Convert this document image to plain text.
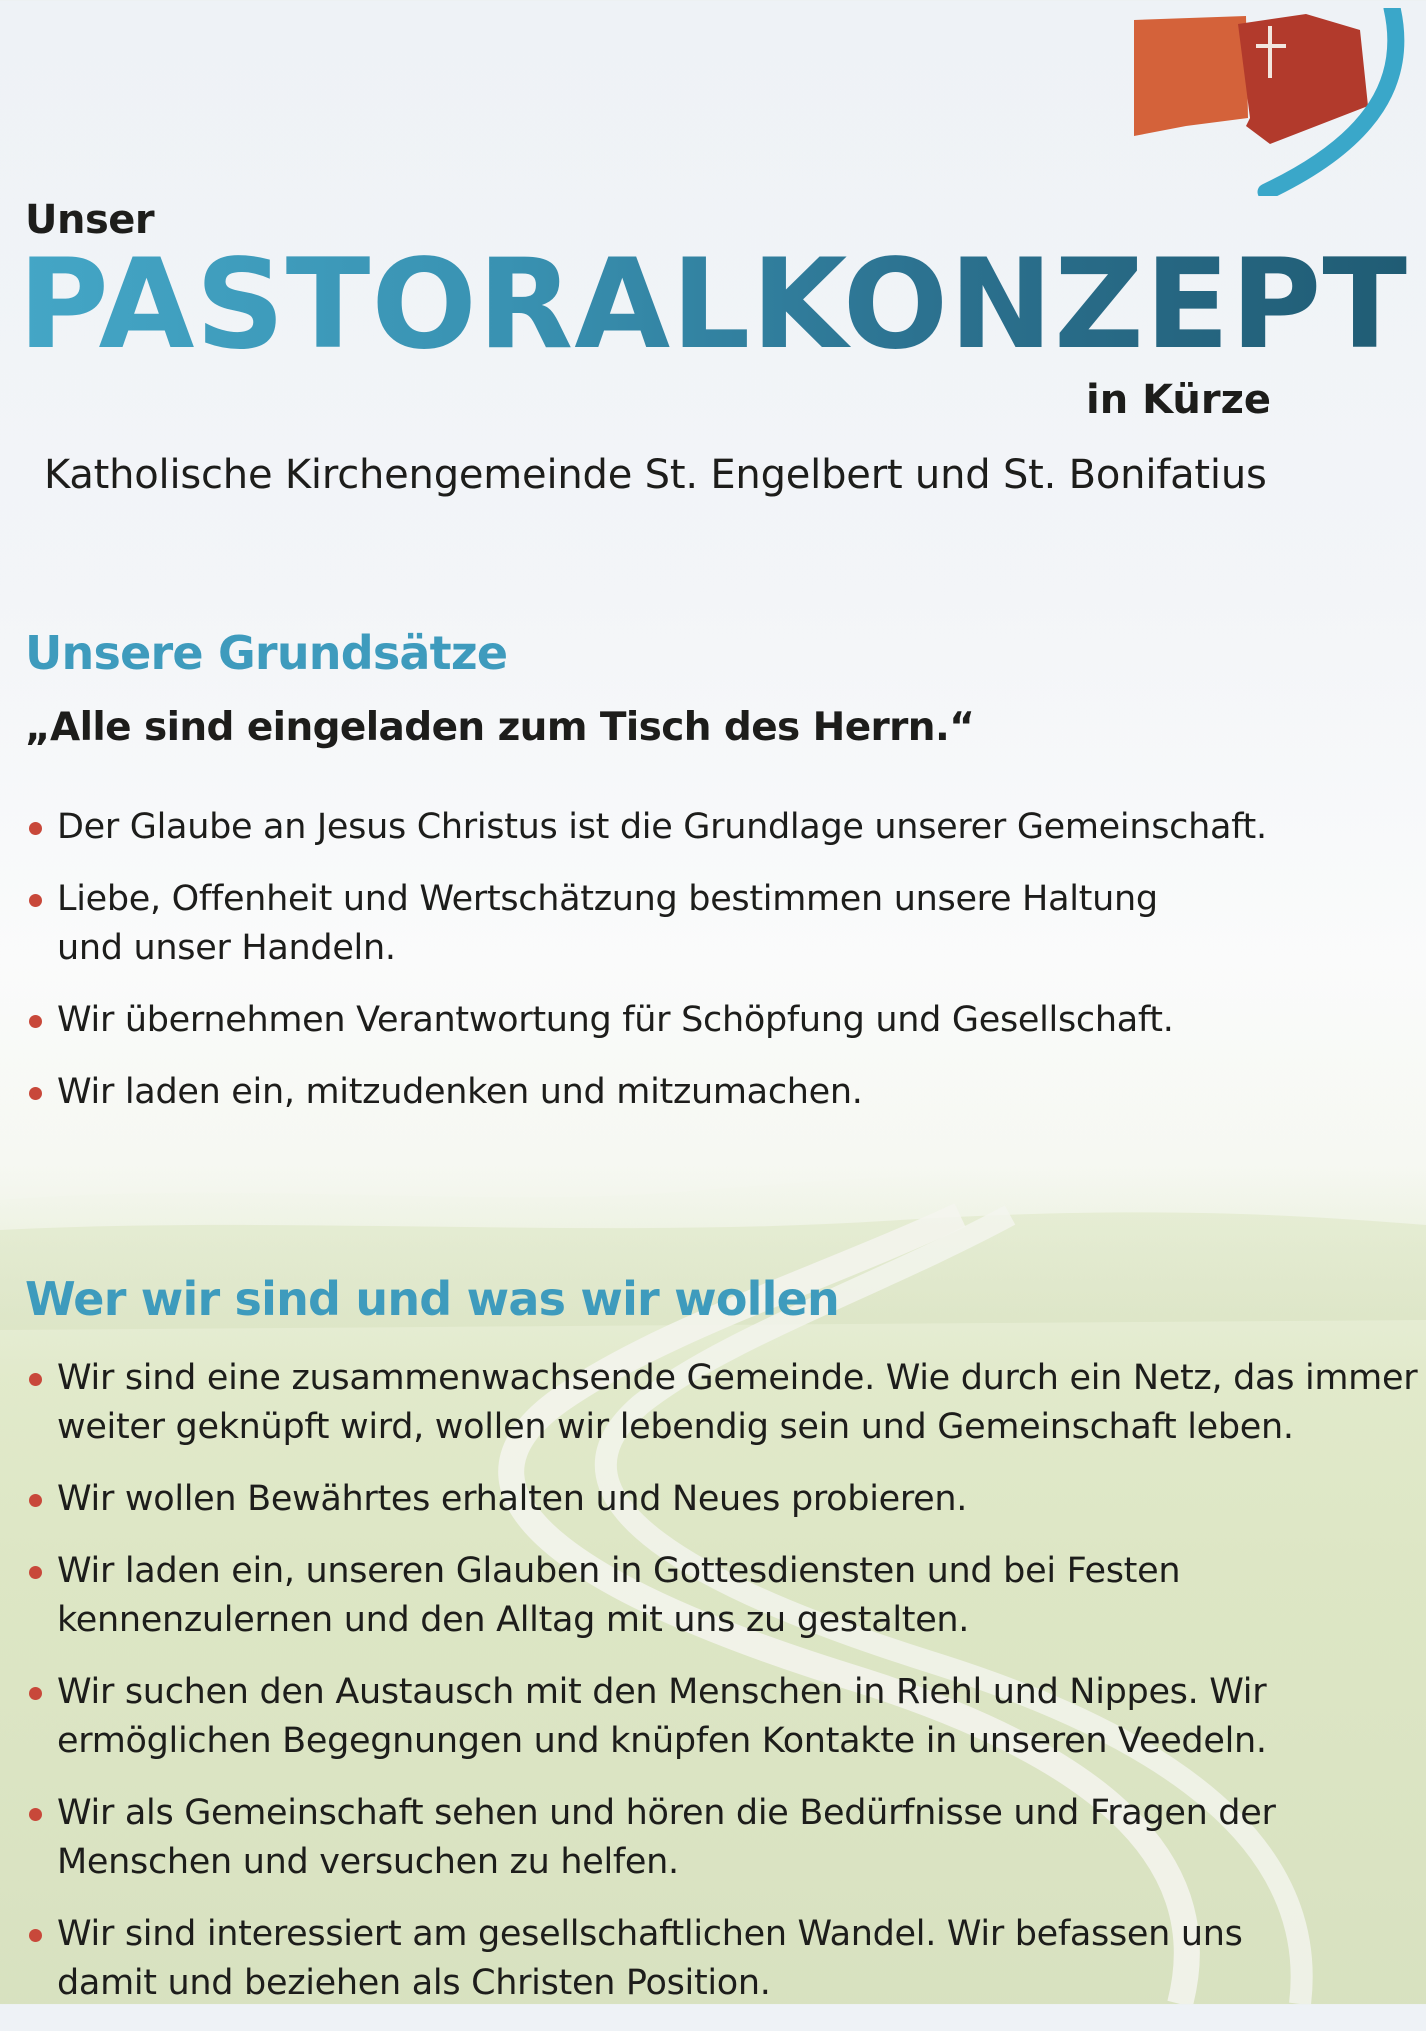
Unser
PASTORALKONZEPT
in Kürze
Katholische Kirchengemeinde St. Engelbert und St. Bonifatius
Unsere Grundsätze
„Alle sind eingeladen zum Tisch des Herrn.“
Der Glaube an Jesus Christus ist die Grundlage unserer Gemeinschaft.
Liebe, Offenheit und Wertschätzung bestimmen unsere Haltung
und unser Handeln.
Wir übernehmen Verantwortung für Schöpfung und Gesellschaft.
Wir laden ein, mitzudenken und mitzumachen.
Wer wir sind und was wir wollen
Wir sind eine zusammenwachsende Gemeinde. Wie durch ein Netz, das immer
weiter geknüpft wird, wollen wir lebendig sein und Gemeinschaft leben.
Wir wollen Bewährtes erhalten und Neues probieren.
Wir laden ein, unseren Glauben in Gottesdiensten und bei Festen
kennenzulernen und den Alltag mit uns zu gestalten.
Wir suchen den Austausch mit den Menschen in Riehl und Nippes. Wir
ermöglichen Begegnungen und knüpfen Kontakte in unseren Veedeln.
Wir als Gemeinschaft sehen und hören die Bedürfnisse und Fragen der
Menschen und versuchen zu helfen.
Wir sind interessiert am gesellschaftlichen Wandel. Wir befassen uns
damit und beziehen als Christen Position.
